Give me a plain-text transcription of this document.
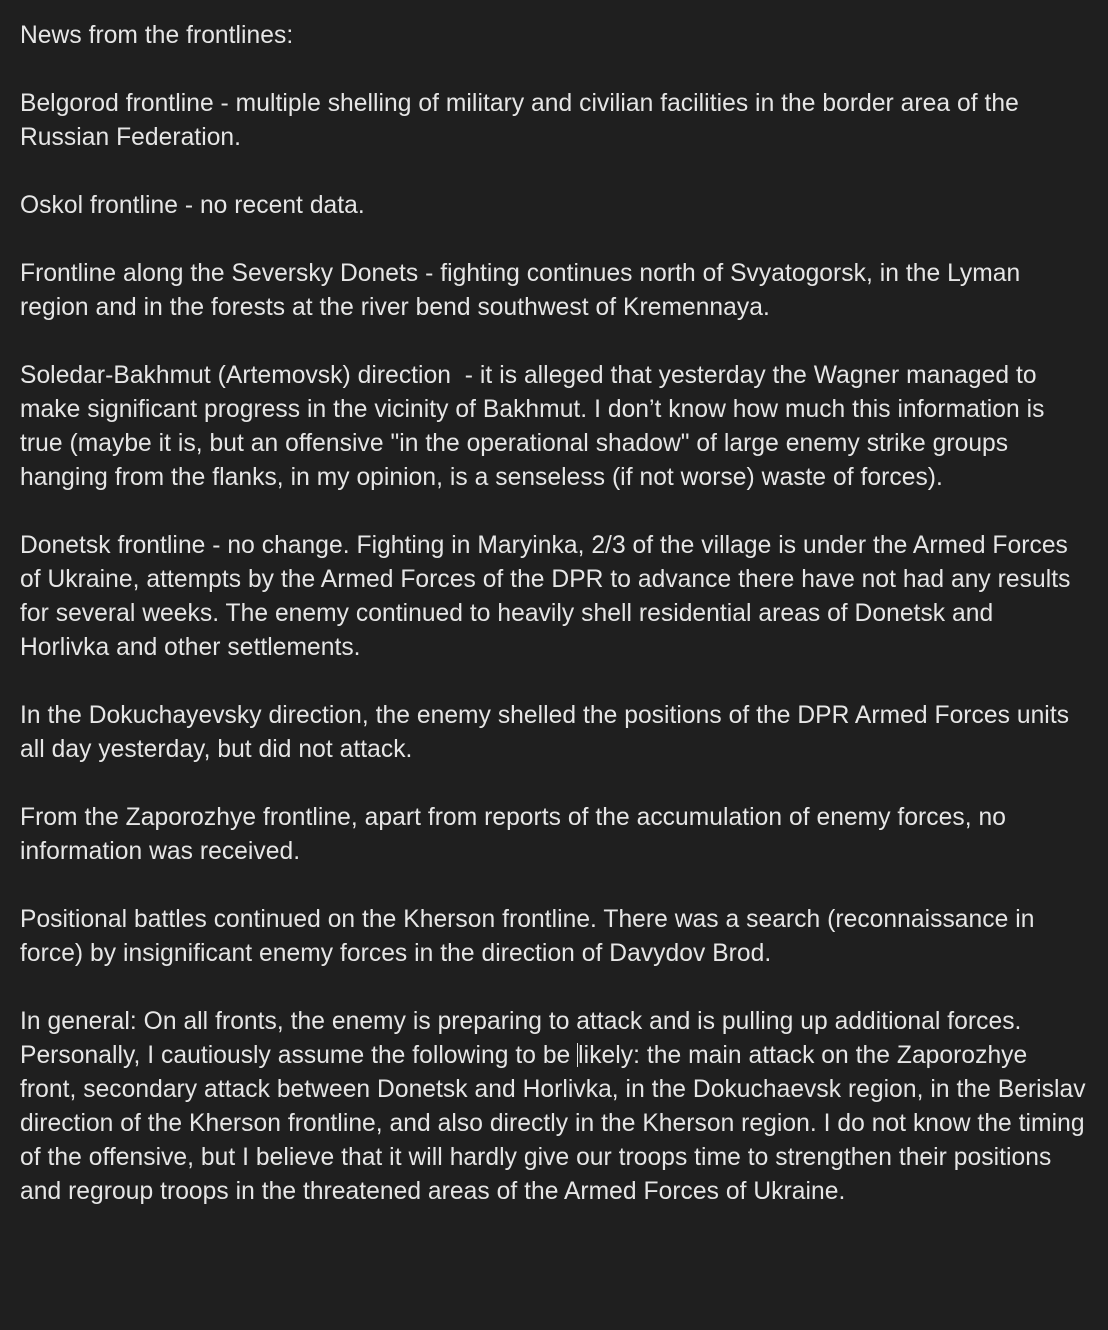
News from the frontlines:

Belgorod frontline - multiple shelling of military and civilian facilities in the border area of the Russian Federation.

Oskol frontline - no recent data.

Frontline along the Seversky Donets - fighting continues north of Svyatogorsk, in the Lyman region and in the forests at the river bend southwest of Kremennaya.

Soledar-Bakhmut (Artemovsk) direction  - it is alleged that yesterday the Wagner managed to make significant progress in the vicinity of Bakhmut. I don’t know how much this information is true (maybe it is, but an offensive "in the operational shadow" of large enemy strike groups hanging from the flanks, in my opinion, is a senseless (if not worse) waste of forces).

Donetsk frontline - no change. Fighting in Maryinka, 2/3 of the village is under the Armed Forces of Ukraine, attempts by the Armed Forces of the DPR to advance there have not had any results for several weeks. The enemy continued to heavily shell residential areas of Donetsk and Horlivka and other settlements.

In the Dokuchayevsky direction, the enemy shelled the positions of the DPR Armed Forces units all day yesterday, but did not attack.

From the Zaporozhye frontline, apart from reports of the accumulation of enemy forces, no information was received.

Positional battles continued on the Kherson frontline. There was a search (reconnaissance in force) by insignificant enemy forces in the direction of Davydov Brod.

In general: On all fronts, the enemy is preparing to attack and is pulling up additional forces. Personally, I cautiously assume the following to be likely: the main attack on the Zaporozhye front, secondary attack between Donetsk and Horlivka, in the Dokuchaevsk region, in the Berislav direction of the Kherson frontline, and also directly in the Kherson region. I do not know the timing of the offensive, but I believe that it will hardly give our troops time to strengthen their positions and regroup troops in the threatened areas of the Armed Forces of Ukraine.
